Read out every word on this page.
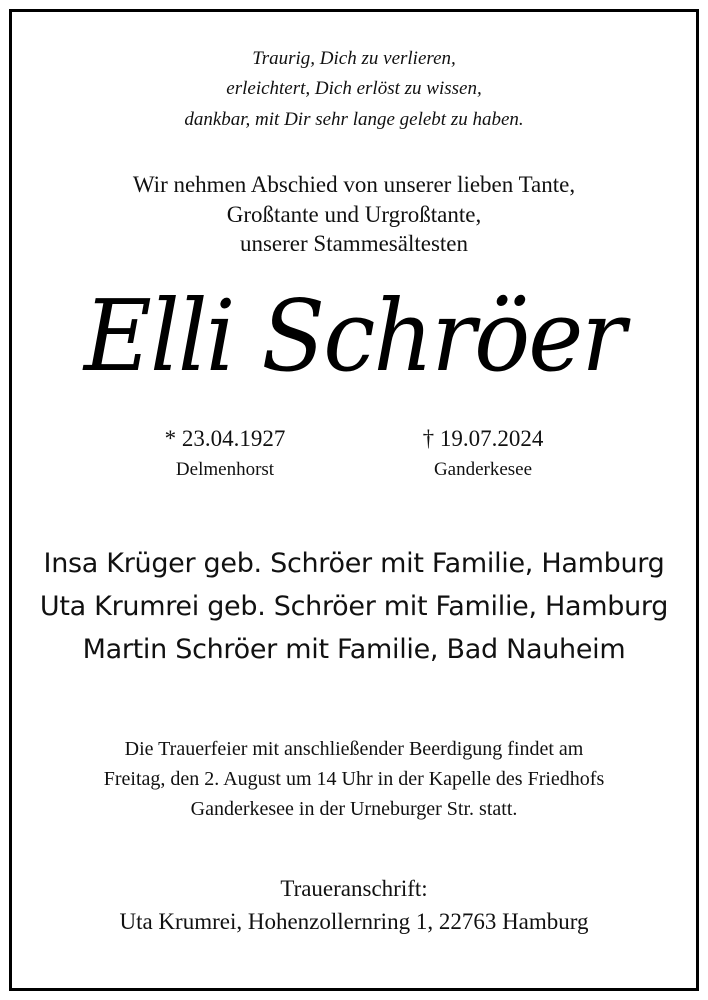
Traurig, Dich zu verlieren,
erleichtert, Dich erlöst zu wissen,
dankbar, mit Dir sehr lange gelebt zu haben.
Wir nehmen Abschied von unserer lieben Tante,
Großtante und Urgroßtante,
unserer Stammesältesten
Elli Schröer
* 23.04.1927
Delmenhorst
† 19.07.2024
Ganderkesee
Insa Krüger geb. Schröer mit Familie, Hamburg
Uta Krumrei geb. Schröer mit Familie, Hamburg
Martin Schröer mit Familie, Bad Nauheim
Die Trauerfeier mit anschließender Beerdigung findet am
Freitag, den 2. August um 14 Uhr in der Kapelle des Friedhofs
Ganderkesee in der Urneburger Str. statt.
Traueranschrift:
Uta Krumrei, Hohenzollernring 1, 22763 Hamburg
